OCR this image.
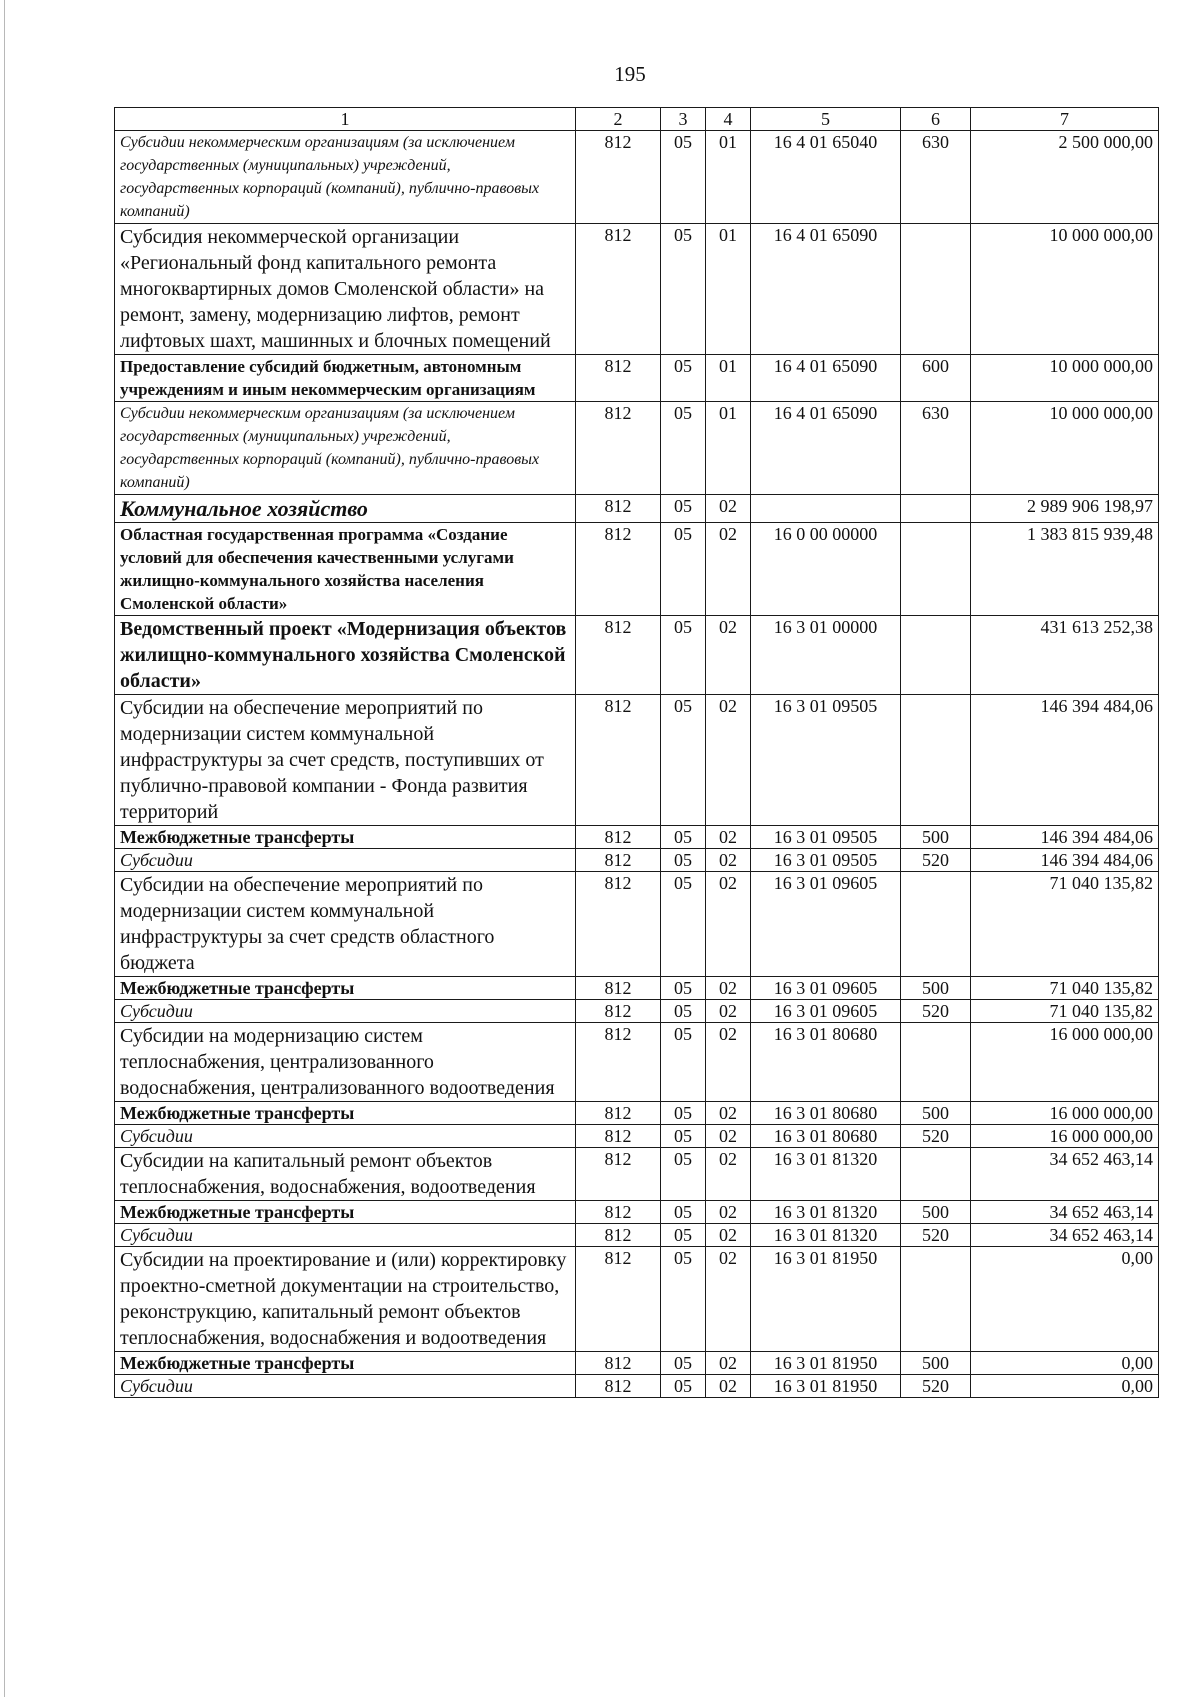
195
1	2	3	4	5	6	7
Субсидии некоммерческим организациям (за исключением государственных (муниципальных) учреждений, государственных корпораций (компаний), публично-правовых компаний)	812	05	01	16 4 01 65040	630	2 500 000,00
Субсидия некоммерческой организации «Региональный фонд капитального ремонта многоквартирных домов Смоленской области» на ремонт, замену, модернизацию лифтов, ремонт лифтовых шахт, машинных и блочных помещений	812	05	01	16 4 01 65090		10 000 000,00
Предоставление субсидий бюджетным, автономным учреждениям и иным некоммерческим организациям	812	05	01	16 4 01 65090	600	10 000 000,00
Субсидии некоммерческим организациям (за исключением государственных (муниципальных) учреждений, государственных корпораций (компаний), публично-правовых компаний)	812	05	01	16 4 01 65090	630	10 000 000,00
Коммунальное хозяйство	812	05	02			2 989 906 198,97
Областная государственная программа «Создание условий для обеспечения качественными услугами жилищно-коммунального хозяйства населения Смоленской области»	812	05	02	16 0 00 00000		1 383 815 939,48
Ведомственный проект «Модернизация объектов жилищно-коммунального хозяйства Смоленской области»	812	05	02	16 3 01 00000		431 613 252,38
Субсидии на обеспечение мероприятий по модернизации систем коммунальной инфраструктуры за счет средств, поступивших от публично-правовой компании - Фонда развития территорий	812	05	02	16 3 01 09505		146 394 484,06
Межбюджетные трансферты	812	05	02	16 3 01 09505	500	146 394 484,06
Субсидии	812	05	02	16 3 01 09505	520	146 394 484,06
Субсидии на обеспечение мероприятий по модернизации систем коммунальной инфраструктуры за счет средств областного бюджета	812	05	02	16 3 01 09605		71 040 135,82
Межбюджетные трансферты	812	05	02	16 3 01 09605	500	71 040 135,82
Субсидии	812	05	02	16 3 01 09605	520	71 040 135,82
Субсидии на модернизацию систем теплоснабжения, централизованного водоснабжения, централизованного водоотведения	812	05	02	16 3 01 80680		16 000 000,00
Межбюджетные трансферты	812	05	02	16 3 01 80680	500	16 000 000,00
Субсидии	812	05	02	16 3 01 80680	520	16 000 000,00
Субсидии на капитальный ремонт объектов теплоснабжения, водоснабжения, водоотведения	812	05	02	16 3 01 81320		34 652 463,14
Межбюджетные трансферты	812	05	02	16 3 01 81320	500	34 652 463,14
Субсидии	812	05	02	16 3 01 81320	520	34 652 463,14
Субсидии на проектирование и (или) корректировку проектно-сметной документации на строительство, реконструкцию, капитальный ремонт объектов теплоснабжения, водоснабжения и водоотведения	812	05	02	16 3 01 81950		0,00
Межбюджетные трансферты	812	05	02	16 3 01 81950	500	0,00
Субсидии	812	05	02	16 3 01 81950	520	0,00
